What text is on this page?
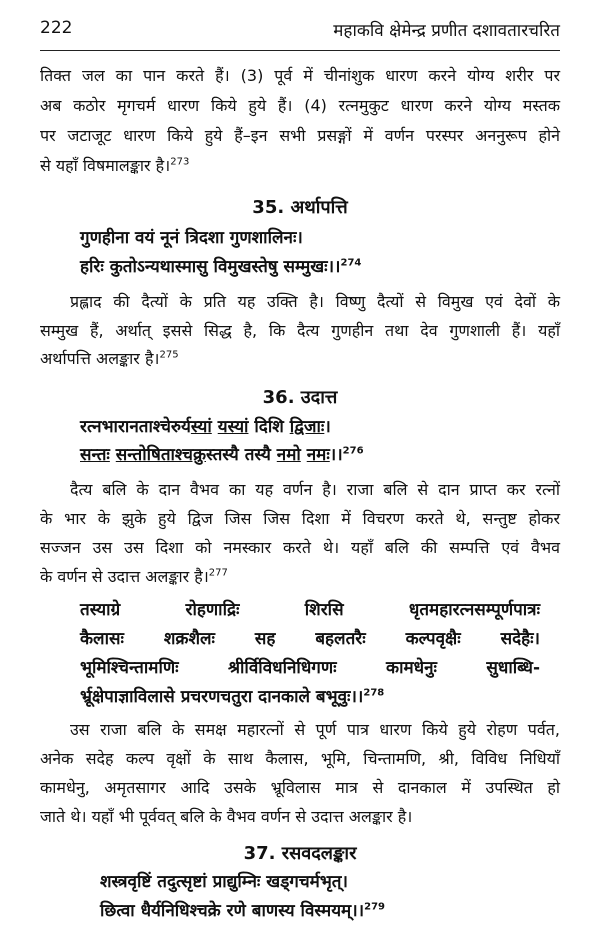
222	महाकवि क्षेमेन्द्र प्रणीत दशावतारचरित
तिक्त जल का पान करते हैं। (3) पूर्व में चीनांशुक धारण करने योग्य शरीर पर
अब कठोर मृगचर्म धारण किये हुये हैं। (4) रत्नमुकुट धारण करने योग्य मस्तक
पर जटाजूट धारण किये हुये हैं–इन सभी प्रसङ्गों में वर्णन परस्पर अननुरूप होने
से यहाँ विषमालङ्कार है।$^{273}$
35. अर्थापत्ति
गुणहीना वयं नूनं त्रिदशा गुणशालिनः।
हरिः कुतोऽन्यथास्मासु विमुखस्तेषु सम्मुखः।।$^{274}$
प्रह्लाद की दैत्यों के प्रति यह उक्ति है। विष्णु दैत्यों से विमुख एवं देवों के
सम्मुख हैं, अर्थात् इससे सिद्ध है, कि दैत्य गुणहीन तथा देव गुणशाली हैं। यहाँ
अर्थापत्ति अलङ्कार है।$^{275}$
36. उदात्त
रत्नभारानताश्चेरुर्यस्यां यस्यां दिशि द्विजाः।
सन्तः सन्तोषिताश्चक्रुस्तस्यै तस्यै नमो नमः।।$^{276}$
दैत्य बलि के दान वैभव का यह वर्णन है। राजा बलि से दान प्राप्त कर रत्नों
के भार के झुके हुये द्विज जिस जिस दिशा में विचरण करते थे, सन्तुष्ट होकर
सज्जन उस उस दिशा को नमस्कार करते थे। यहाँ बलि की सम्पत्ति एवं वैभव
के वर्णन से उदात्त अलङ्कार है।$^{277}$
तस्याग्रे रोहणाद्रिः शिरसि धृतमहारत्नसम्पूर्णपात्रः
कैलासः शक्रशैलः सह बहलतरैः कल्पवृक्षैः सदेहैः।
भूमिश्चिन्तामणिः श्रीर्विविधनिधिगणः कामधेनुः सुधाब्धि-
र्भ्रूक्षेपाज्ञाविलासे प्रचरणचतुरा दानकाले बभूवुः।।$^{278}$
उस राजा बलि के समक्ष महारत्नों से पूर्ण पात्र धारण किये हुये रोहण पर्वत,
अनेक सदेह कल्प वृक्षों के साथ कैलास, भूमि, चिन्तामणि, श्री, विविध निधियाँ
कामधेनु, अमृतसागर आदि उसके भ्रूविलास मात्र से दानकाल में उपस्थित हो
जाते थे। यहाँ भी पूर्ववत् बलि के वैभव वर्णन से उदात्त अलङ्कार है।
37. रसवदलङ्कार
शस्त्रवृष्टिं तदुत्सृष्टां प्राद्युम्निः खड्गचर्मभृत्।
छित्वा धैर्यनिधिश्चक्रे रणे बाणस्य विस्मयम्।।$^{279}$
